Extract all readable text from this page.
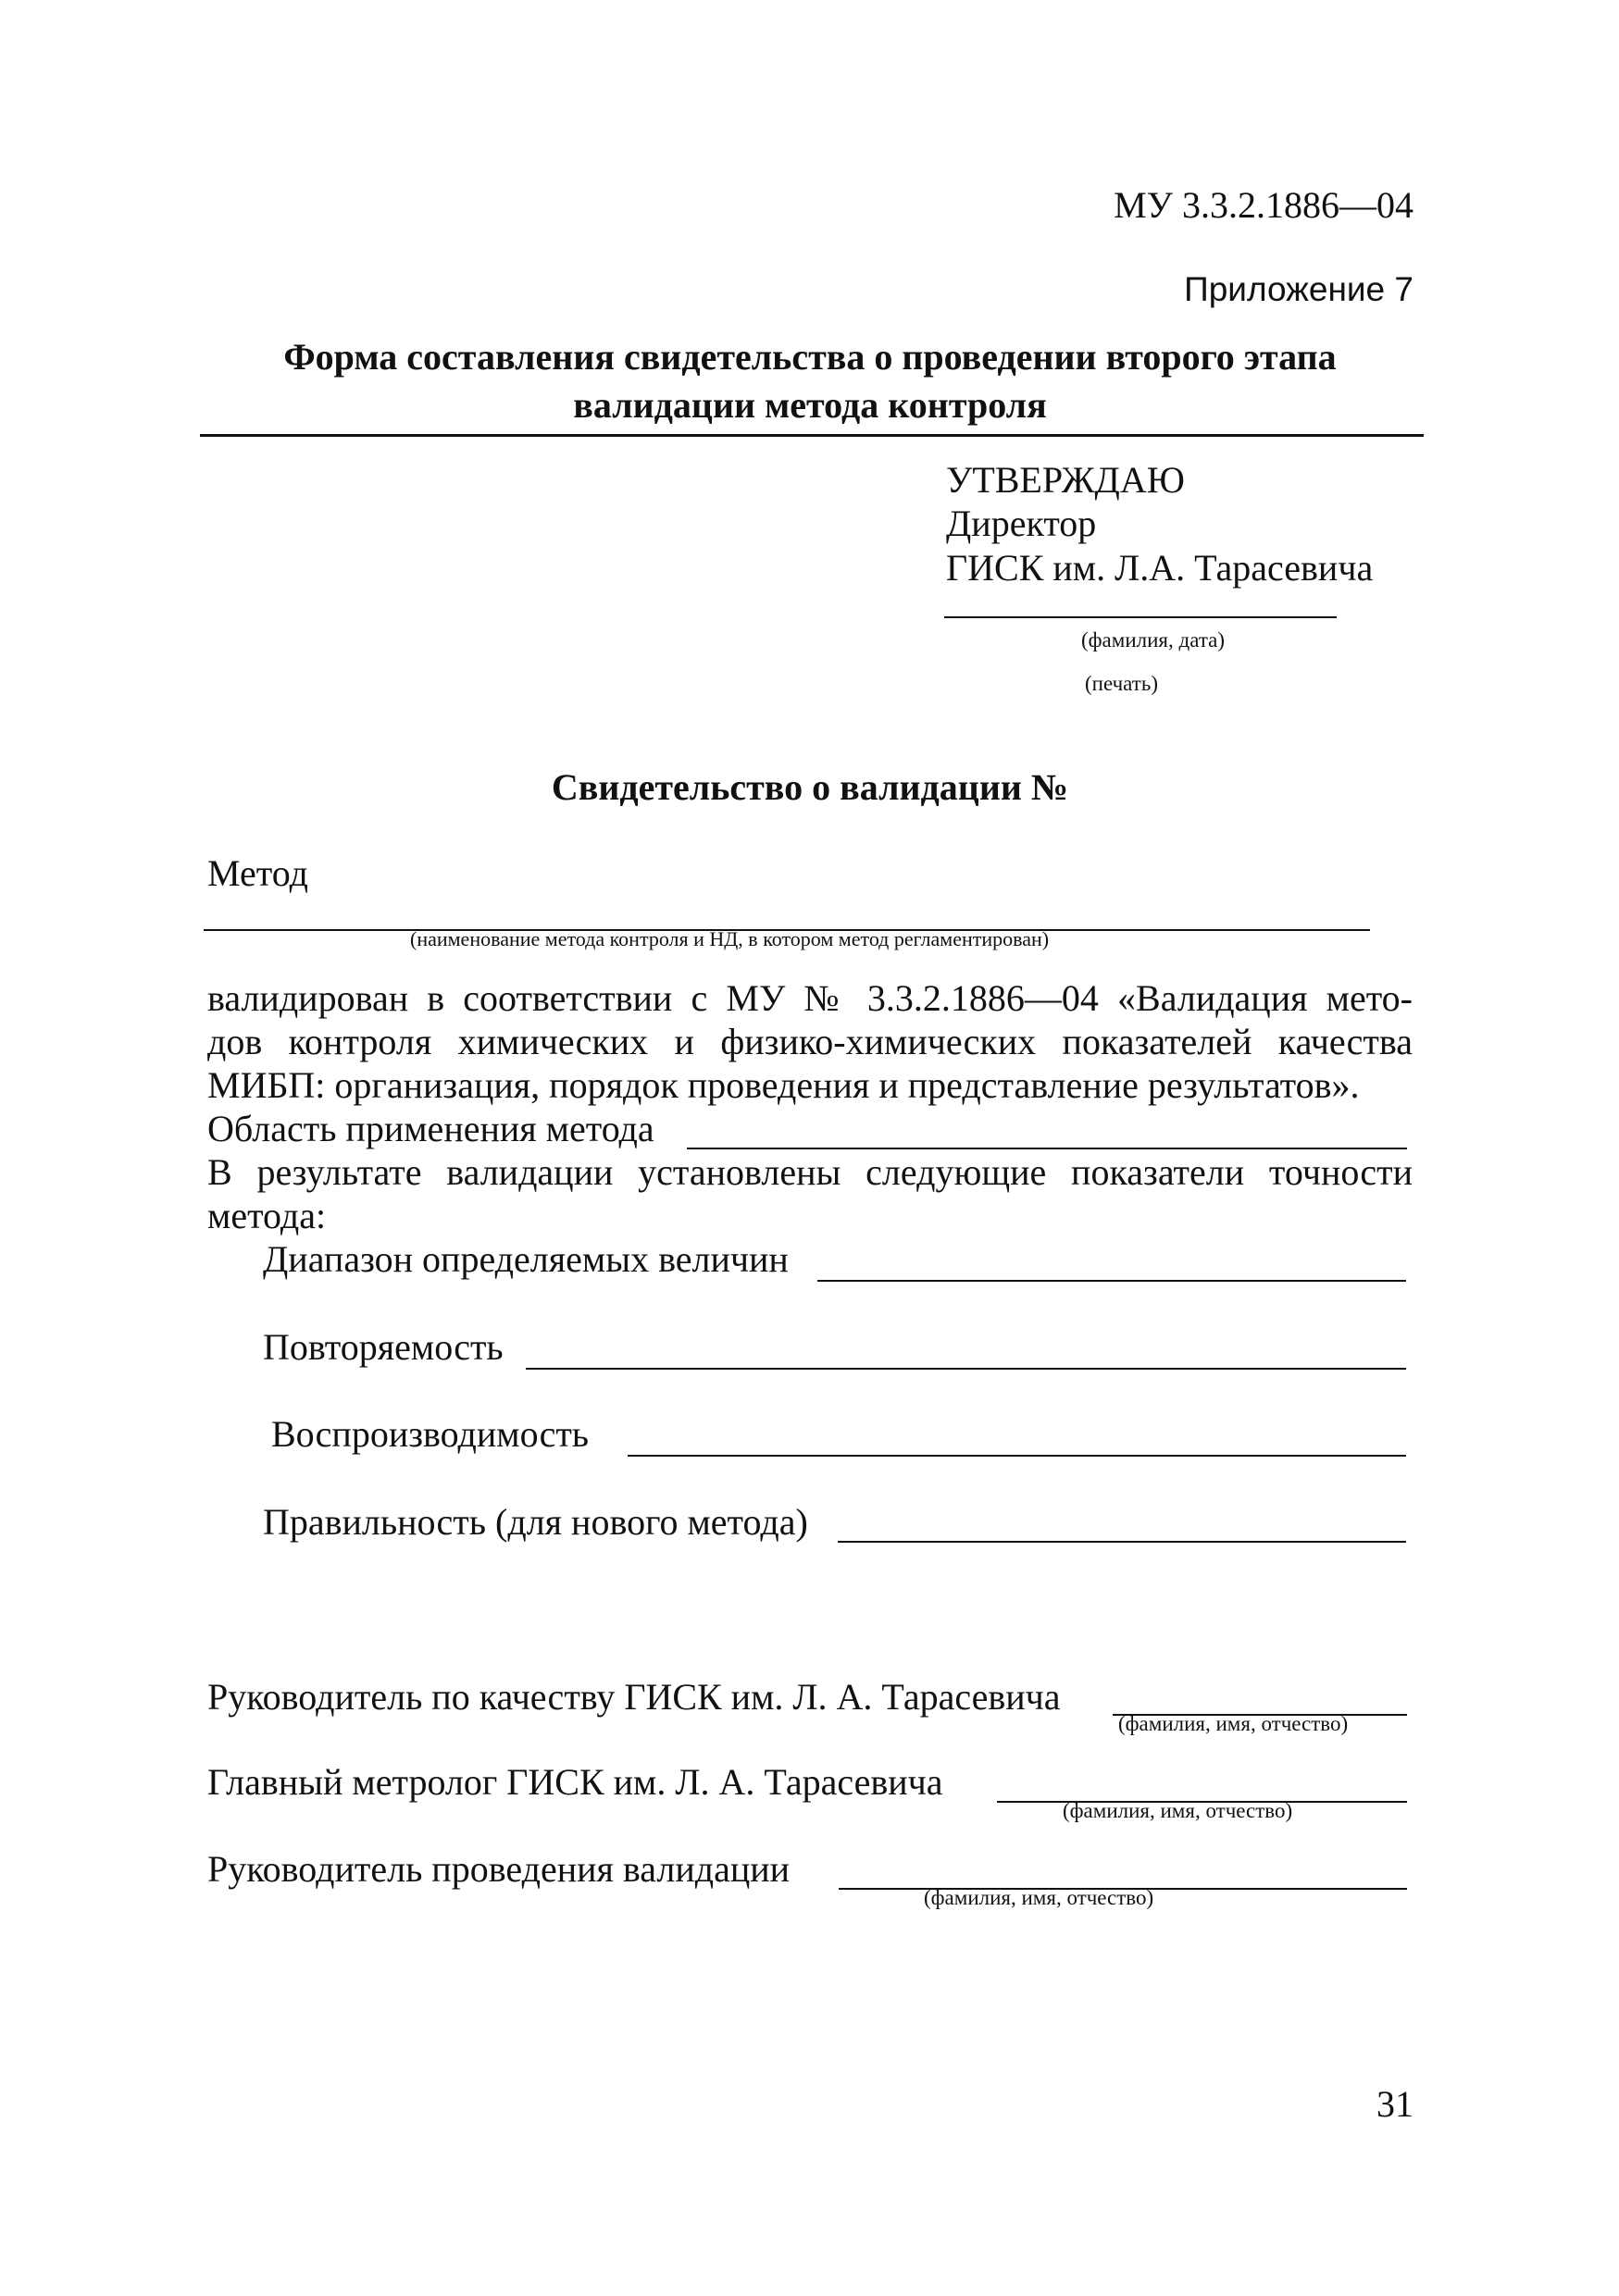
МУ 3.3.2.1886—04
Приложение 7
Форма составления свидетельства о проведении второго этапа
валидации метода контроля
УТВЕРЖДАЮ
Директор
ГИСК им. Л.А. Тарасевича
(фамилия, дата)
(печать)
Свидетельство о валидации №
Метод
(наименование метода контроля и НД, в котором метод регламентирован)
валидирован в соответствии с МУ № 3.3.2.1886—04 «Валидация мето-
дов контроля химических и физико-химических показателей качества
МИБП: организация, порядок проведения и представление результатов».
Область применения метода
В результате валидации установлены следующие показатели точности
метода:
Диапазон определяемых величин
Повторяемость
Воспроизводимость
Правильность (для нового метода)
Руководитель по качеству ГИСК им. Л. А. Тарасевича
(фамилия, имя, отчество)
Главный метролог ГИСК им. Л. А. Тарасевича
(фамилия, имя, отчество)
Руководитель проведения валидации
(фамилия, имя, отчество)
31
